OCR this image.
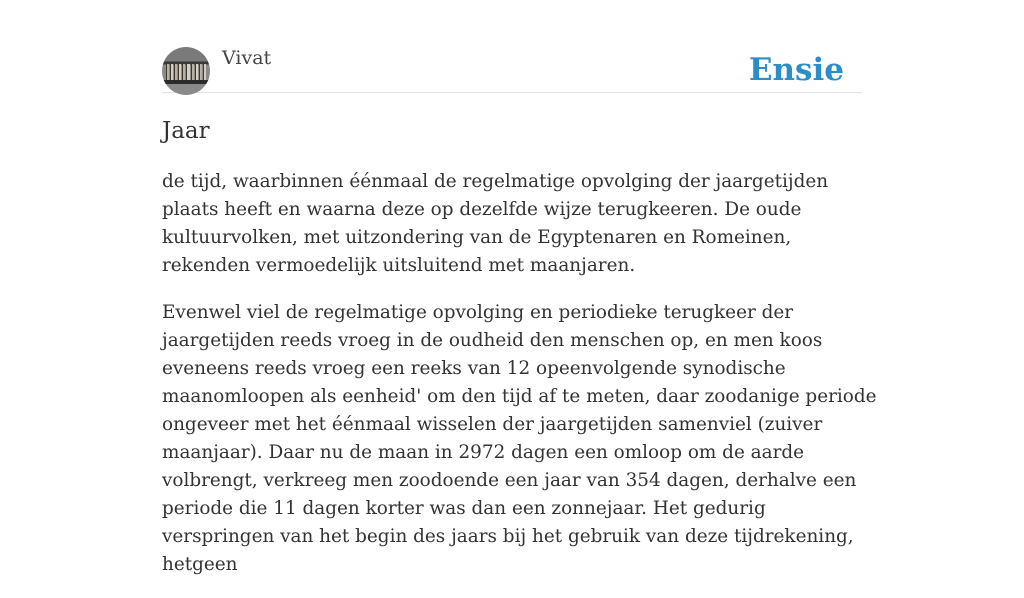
Vivat	Ensie
Jaar

de tijd, waarbinnen éénmaal de regelmatige opvolging der jaargetijden plaats heeft en waarna deze op dezelfde wijze terugkeeren. De oude kultuurvolken, met uitzondering van de Egyptenaren en Romeinen, rekenden vermoedelijk uitsluitend met maanjaren.

Evenwel viel de regelmatige opvolging en periodieke terugkeer der jaargetijden reeds vroeg in de oudheid den menschen op, en men koos eveneens reeds vroeg een reeks van 12 opeenvolgende synodische maanomloopen als eenheid' om den tijd af te meten, daar zoodanige periode ongeveer met het éénmaal wisselen der jaargetijden samenviel (zuiver maanjaar). Daar nu de maan in 2972 dagen een omloop om de aarde volbrengt, verkreeg men zoodoende een jaar van 354 dagen, derhalve een periode die 11 dagen korter was dan een zonnejaar. Het gedurig verspringen van het begin des jaars bij het gebruik van deze tijdrekening, hetgeen
